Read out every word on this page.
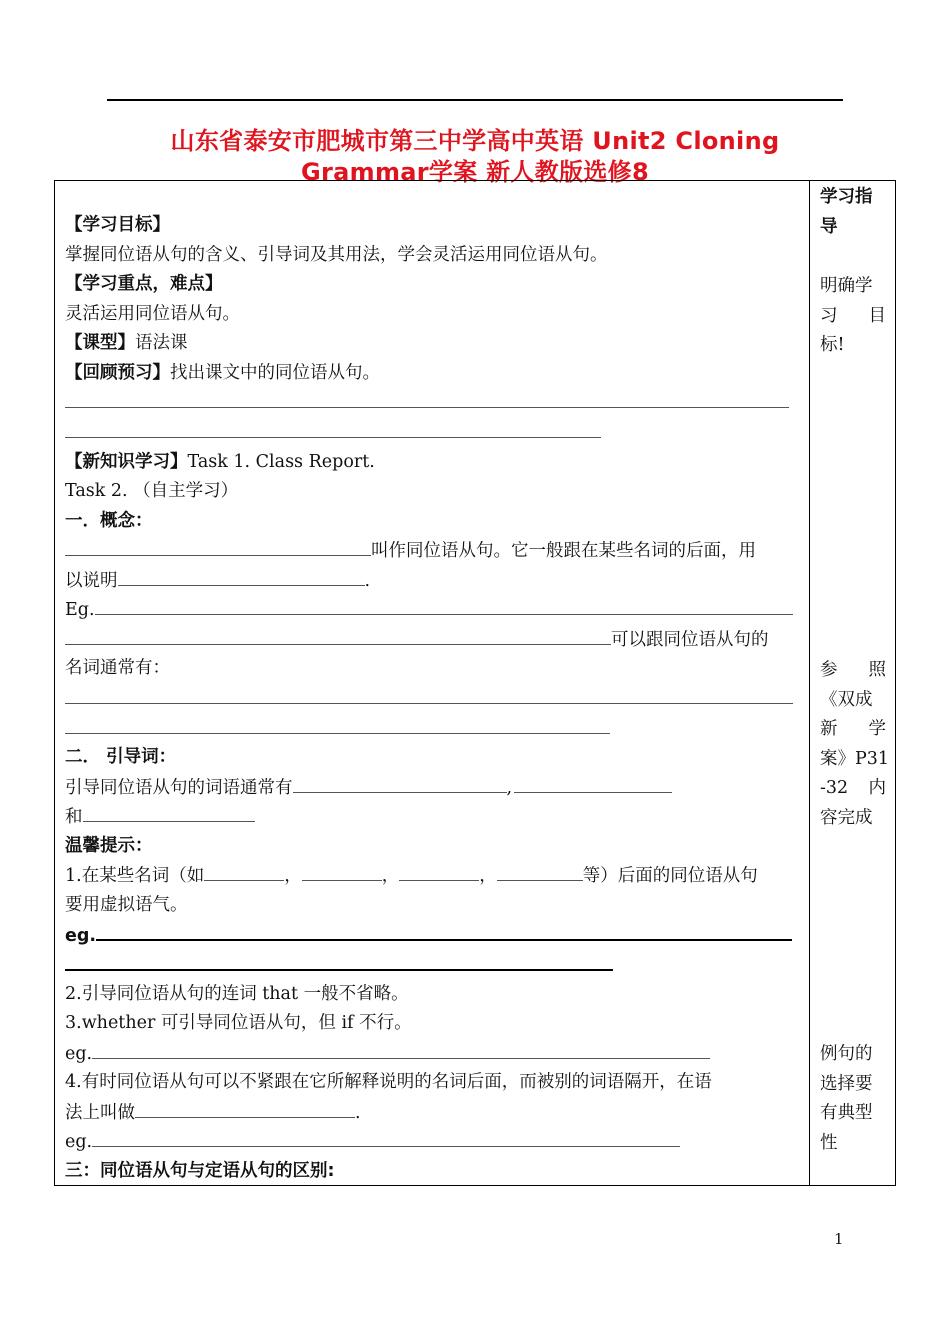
山东省泰安市肥城市第三中学高中英语 Unit2 Cloning
Grammar学案 新人教版选修8
【学习目标】
掌握同位语从句的含义、引导词及其用法，学会灵活运用同位语从句。
【学习重点，难点】
灵活运用同位语从句。
【课型】语法课
【回顾预习】找出课文中的同位语从句。
【新知识学习】Task 1. Class Report.
Task 2. （自主学习）
一．概念：
叫作同位语从句。它一般跟在某些名词的后面，用
以说明	.
Eg.
可以跟同位语从句的
名词通常有：
二． 引导词：
引导同位语从句的词语通常有	,
和
温馨提示：
1.在某些名词（如	，	，	，	等）后面的同位语从句
要用虚拟语气。
eg.
2.引导同位语从句的连词 that 一般不省略。
3.whether 可引导同位语从句，但 if 不行。
eg.
4.有时同位语从句可以不紧跟在它所解释说明的名词后面，而被别的词语隔开，在语
法上叫做	.
eg.
三：同位语从句与定语从句的区别:
学习指
导
明确学
习 目
标!
参 照
《双成
新 学
案》P31
-32 内
容完成
例句的
选择要
有典型
性
1
